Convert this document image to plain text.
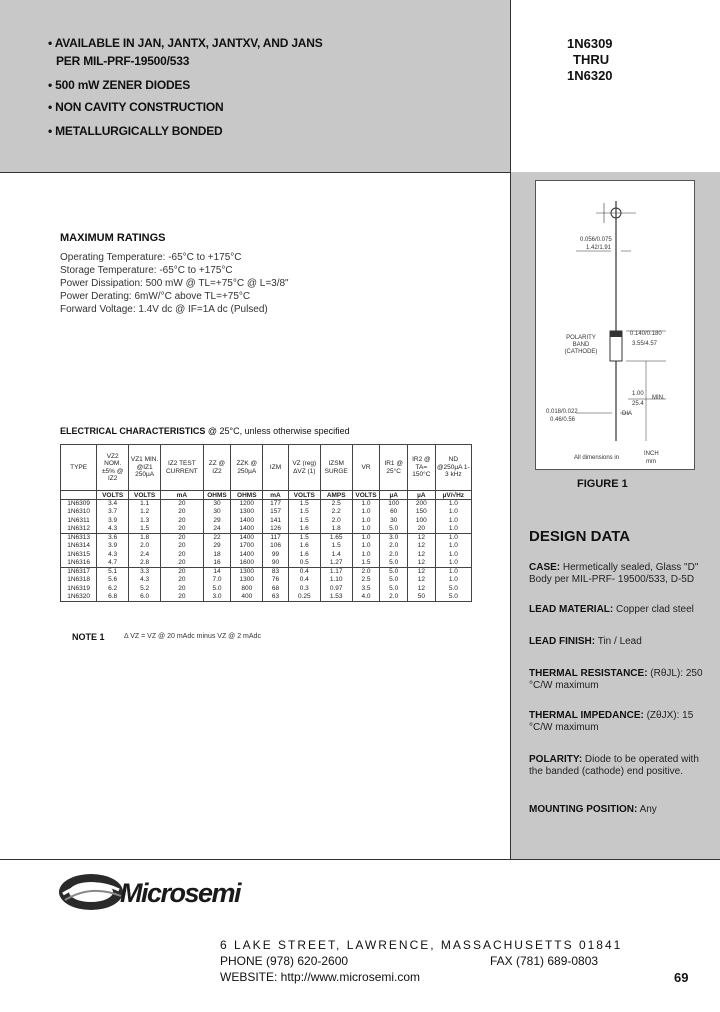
• AVAILABLE IN JAN, JANTX, JANTXV, AND JANS
PER MIL-PRF-19500/533
• 500 mW ZENER DIODES
• NON CAVITY CONSTRUCTION
• METALLURGICALLY BONDED
1N6309
THRU
1N6320
MAXIMUM RATINGS
Operating Temperature: -65°C to +175°C
Storage Temperature: -65°C to +175°C
Power Dissipation: 500 mW @ TL=+75°C @ L=3/8"
Power Derating: 6mW/°C above TL=+75°C
Forward Voltage: 1.4V dc @ IF=1A dc (Pulsed)
ELECTRICAL CHARACTERISTICS @ 25°C, unless otherwise specified
TYPE	VZ2 NOM. ±5% @ IZ2	VZ1 MIN. @IZ1 250µA	IZ2 TEST CURRENT	ZZ @ IZ2	ZZK @ 250µA	IZM	VZ (reg) ΔVZ (1)	IZSM SURGE	VR	IR1 @ 25°C	IR2 @ TA= 150°C	ND @250µA 1-3 kHz
	VOLTS	VOLTS	mA	OHMS	OHMS	mA	VOLTS	AMPS	VOLTS	µA	µA	µV/√Hz
1N6309	3.4	1.1	20	30	1200	177	1.5	2.5	1.0	100	200	1.0
1N6310	3.7	1.2	20	30	1300	157	1.5	2.2	1.0	60	150	1.0
1N6311	3.9	1.3	20	29	1400	141	1.5	2.0	1.0	30	100	1.0
1N6312	4.3	1.5	20	24	1400	126	1.6	1.8	1.0	5.0	20	1.0
1N6313	3.6	1.8	20	22	1400	117	1.5	1.65	1.0	3.0	12	1.0
1N6314	3.9	2.0	20	29	1700	106	1.6	1.5	1.0	2.0	12	1.0
1N6315	4.3	2.4	20	18	1400	99	1.6	1.4	1.0	2.0	12	1.0
1N6316	4.7	2.8	20	16	1600	90	0.5	1.27	1.5	5.0	12	1.0
1N6317	5.1	3.3	20	14	1300	83	0.4	1.17	2.0	5.0	12	1.0
1N6318	5.6	4.3	20	7.0	1300	76	0.4	1.10	2.5	5.0	12	1.0
1N6319	6.2	5.2	20	5.0	800	68	0.3	0.97	3.5	5.0	12	5.0
1N6320	6.8	6.0	20	3.0	400	63	0.25	1.53	4.0	2.0	50	5.0
NOTE 1	Δ VZ = VZ @ 20 mAdc minus VZ @ 2 mAdc
0.056/0.075
1.42/1.91
POLARITY BAND (CATHODE)
0.140/0.180
3.55/4.57
1.00
25.4
MIN.
0.018/0.022
0.46/0.56
DIA
All dimensions in
INCH
mm
FIGURE 1
DESIGN DATA
CASE: Hermetically sealed, Glass "D" Body per MIL-PRF- 19500/533, D-5D
LEAD MATERIAL: Copper clad steel
LEAD FINISH: Tin / Lead
THERMAL RESISTANCE: (RθJL): 250 °C/W maximum
THERMAL IMPEDANCE: (ZθJX): 15 °C/W maximum
POLARITY: Diode to be operated with the banded (cathode) end positive.
MOUNTING POSITION: Any
Microsemi
6 LAKE STREET, LAWRENCE, MASSACHUSETTS 01841
PHONE (978) 620-2600	FAX (781) 689-0803
WEBSITE: http://www.microsemi.com	69
